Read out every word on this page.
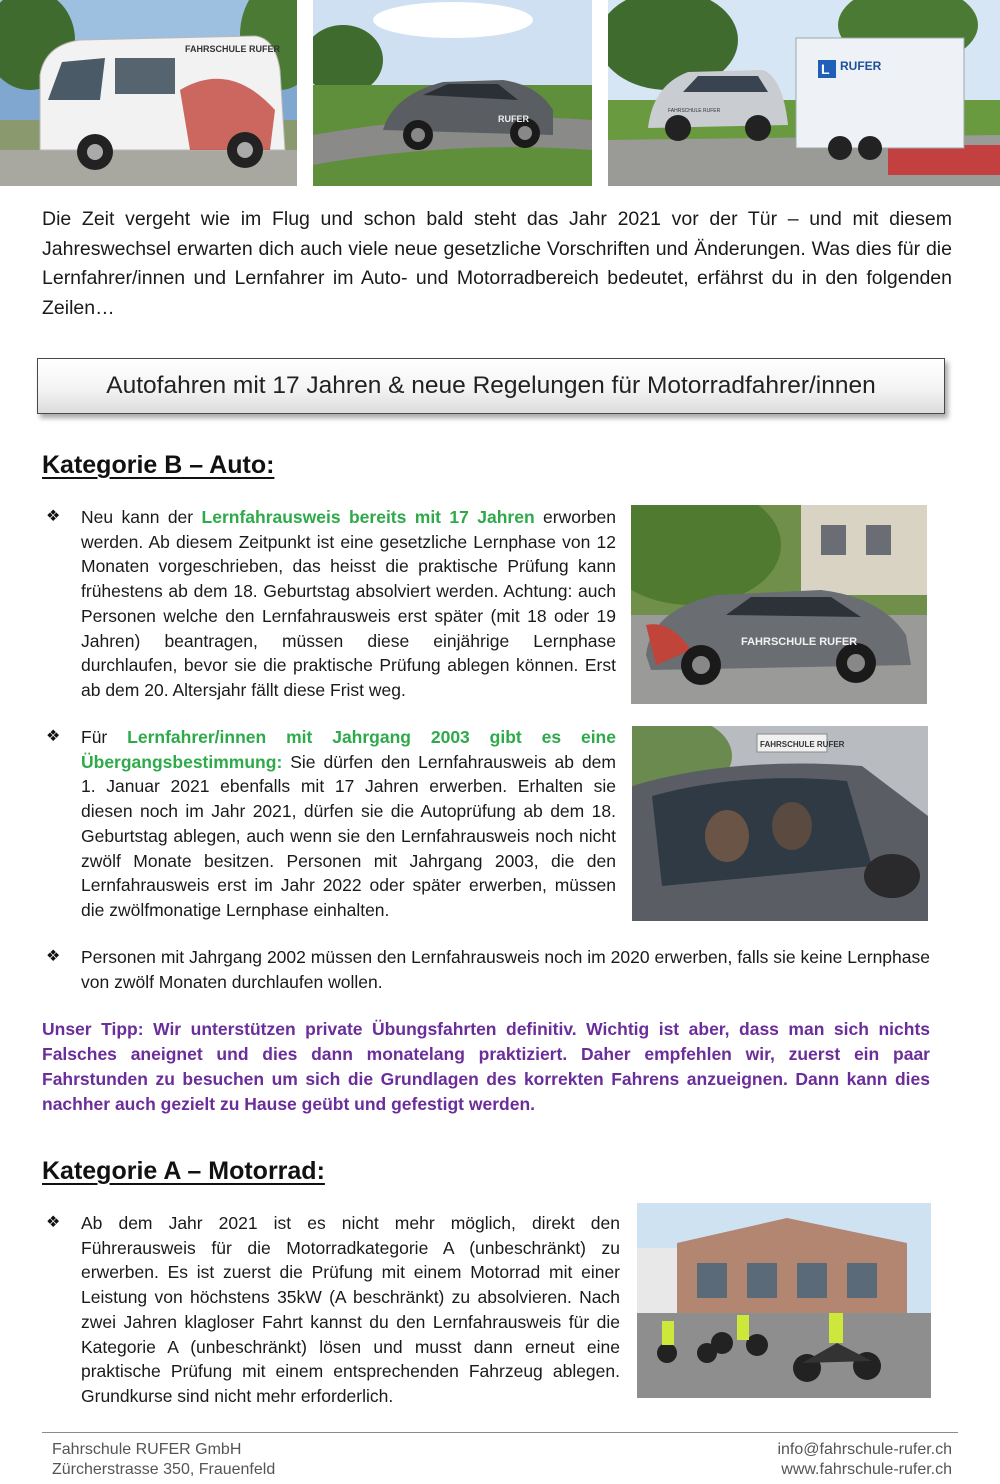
FAHRSCHULE RUFER
RUFER
L RUFER
FAHRSCHULE RUFER

Die Zeit vergeht wie im Flug und schon bald steht das Jahr 2021 vor der Tür – und mit diesem Jahreswechsel erwarten dich auch viele neue gesetzliche Vorschriften und Änderungen. Was dies für die Lernfahrer/innen und Lernfahrer im Auto- und Motorradbereich bedeutet, erfährst du in den folgenden Zeilen…

Autofahren mit 17 Jahren & neue Regelungen für Motorradfahrer/innen
Kategorie B – Auto:
❖ Neu kann der Lernfahrausweis bereits mit 17 Jahren erworben werden. Ab diesem Zeitpunkt ist eine gesetzliche Lernphase von 12 Monaten vorgeschrieben, das heisst die praktische Prüfung kann frühestens ab dem 18. Geburtstag absolviert werden. Achtung: auch Personen welche den Lernfahrausweis erst später (mit 18 oder 19 Jahren) beantragen, müssen diese einjährige Lernphase durchlaufen, bevor sie die praktische Prüfung ablegen können. Erst ab dem 20. Altersjahr fällt diese Frist weg.

FAHRSCHULE RUFER
❖ Für Lernfahrer/innen mit Jahrgang 2003 gibt es eine Übergangsbestimmung: Sie dürfen den Lernfahrausweis ab dem 1. Januar 2021 ebenfalls mit 17 Jahren erwerben. Erhalten sie diesen noch im Jahr 2021, dürfen sie die Autoprüfung ab dem 18. Geburtstag ablegen, auch wenn sie den Lernfahrausweis noch nicht zwölf Monate besitzen. Personen mit Jahrgang 2003, die den Lernfahrausweis erst im Jahr 2022 oder später erwerben, müssen die zwölfmonatige Lernphase einhalten.

FAHRSCHULE RUFER
❖ Personen mit Jahrgang 2002 müssen den Lernfahrausweis noch im 2020 erwerben, falls sie keine Lernphase von zwölf Monaten durchlaufen wollen.

Unser Tipp: Wir unterstützen private Übungsfahrten definitiv. Wichtig ist aber, dass man sich nichts Falsches aneignet und dies dann monatelang praktiziert. Daher empfehlen wir, zuerst ein paar Fahrstunden zu besuchen um sich die Grundlagen des korrekten Fahrens anzueignen. Dann kann dies nachher auch gezielt zu Hause geübt und gefestigt werden.

Kategorie A – Motorrad:
❖ Ab dem Jahr 2021 ist es nicht mehr möglich, direkt den Führerausweis für die Motorradkategorie A (unbeschränkt) zu erwerben. Es ist zuerst die Prüfung mit einem Motorrad mit einer Leistung von höchstens 35kW (A beschränkt) zu absolvieren. Nach zwei Jahren klagloser Fahrt kannst du den Lernfahrausweis für die Kategorie A (unbeschränkt) lösen und musst dann erneut eine praktische Prüfung mit einem entsprechenden Fahrzeug ablegen. Grundkurse sind nicht mehr erforderlich.

Fahrschule RUFER GmbH
Zürcherstrasse 350, Frauenfeld
info@fahrschule-rufer.ch
www.fahrschule-rufer.ch
